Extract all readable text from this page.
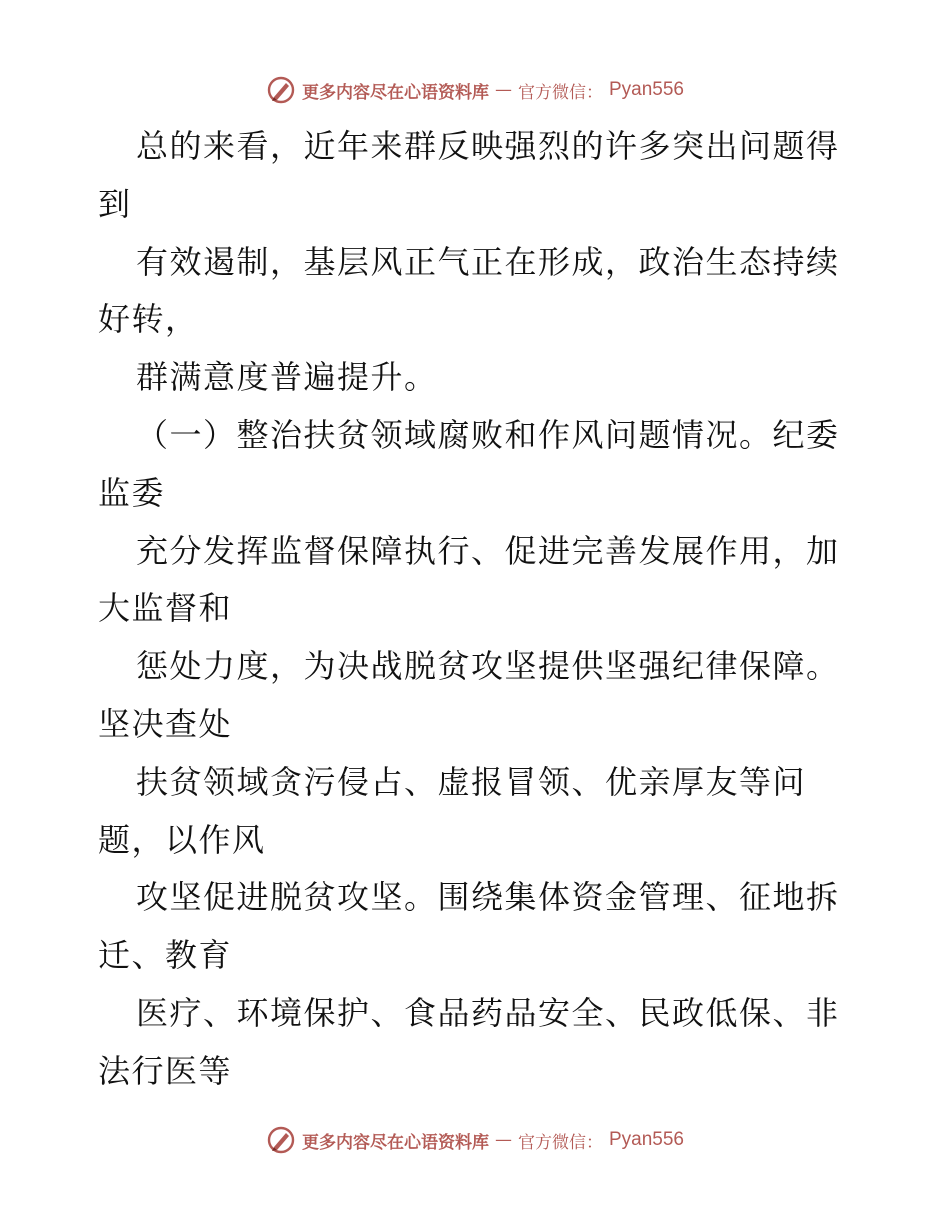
更多内容尽在心语资料库 — 官方微信： Pyan556
总的来看，近年来群反映强烈的许多突出问题得
到
有效遏制，基层风正气正在形成，政治生态持续
好转，
群满意度普遍提升。
（一）整治扶贫领域腐败和作风问题情况。纪委
监委
充分发挥监督保障执行、促进完善发展作用，加
大监督和
惩处力度，为决战脱贫攻坚提供坚强纪律保障。
坚决查处
扶贫领域贪污侵占、虚报冒领、优亲厚友等问
题，以作风
攻坚促进脱贫攻坚。围绕集体资金管理、征地拆
迁、教育
医疗、环境保护、食品药品安全、民政低保、非
法行医等
更多内容尽在心语资料库 — 官方微信： Pyan556
